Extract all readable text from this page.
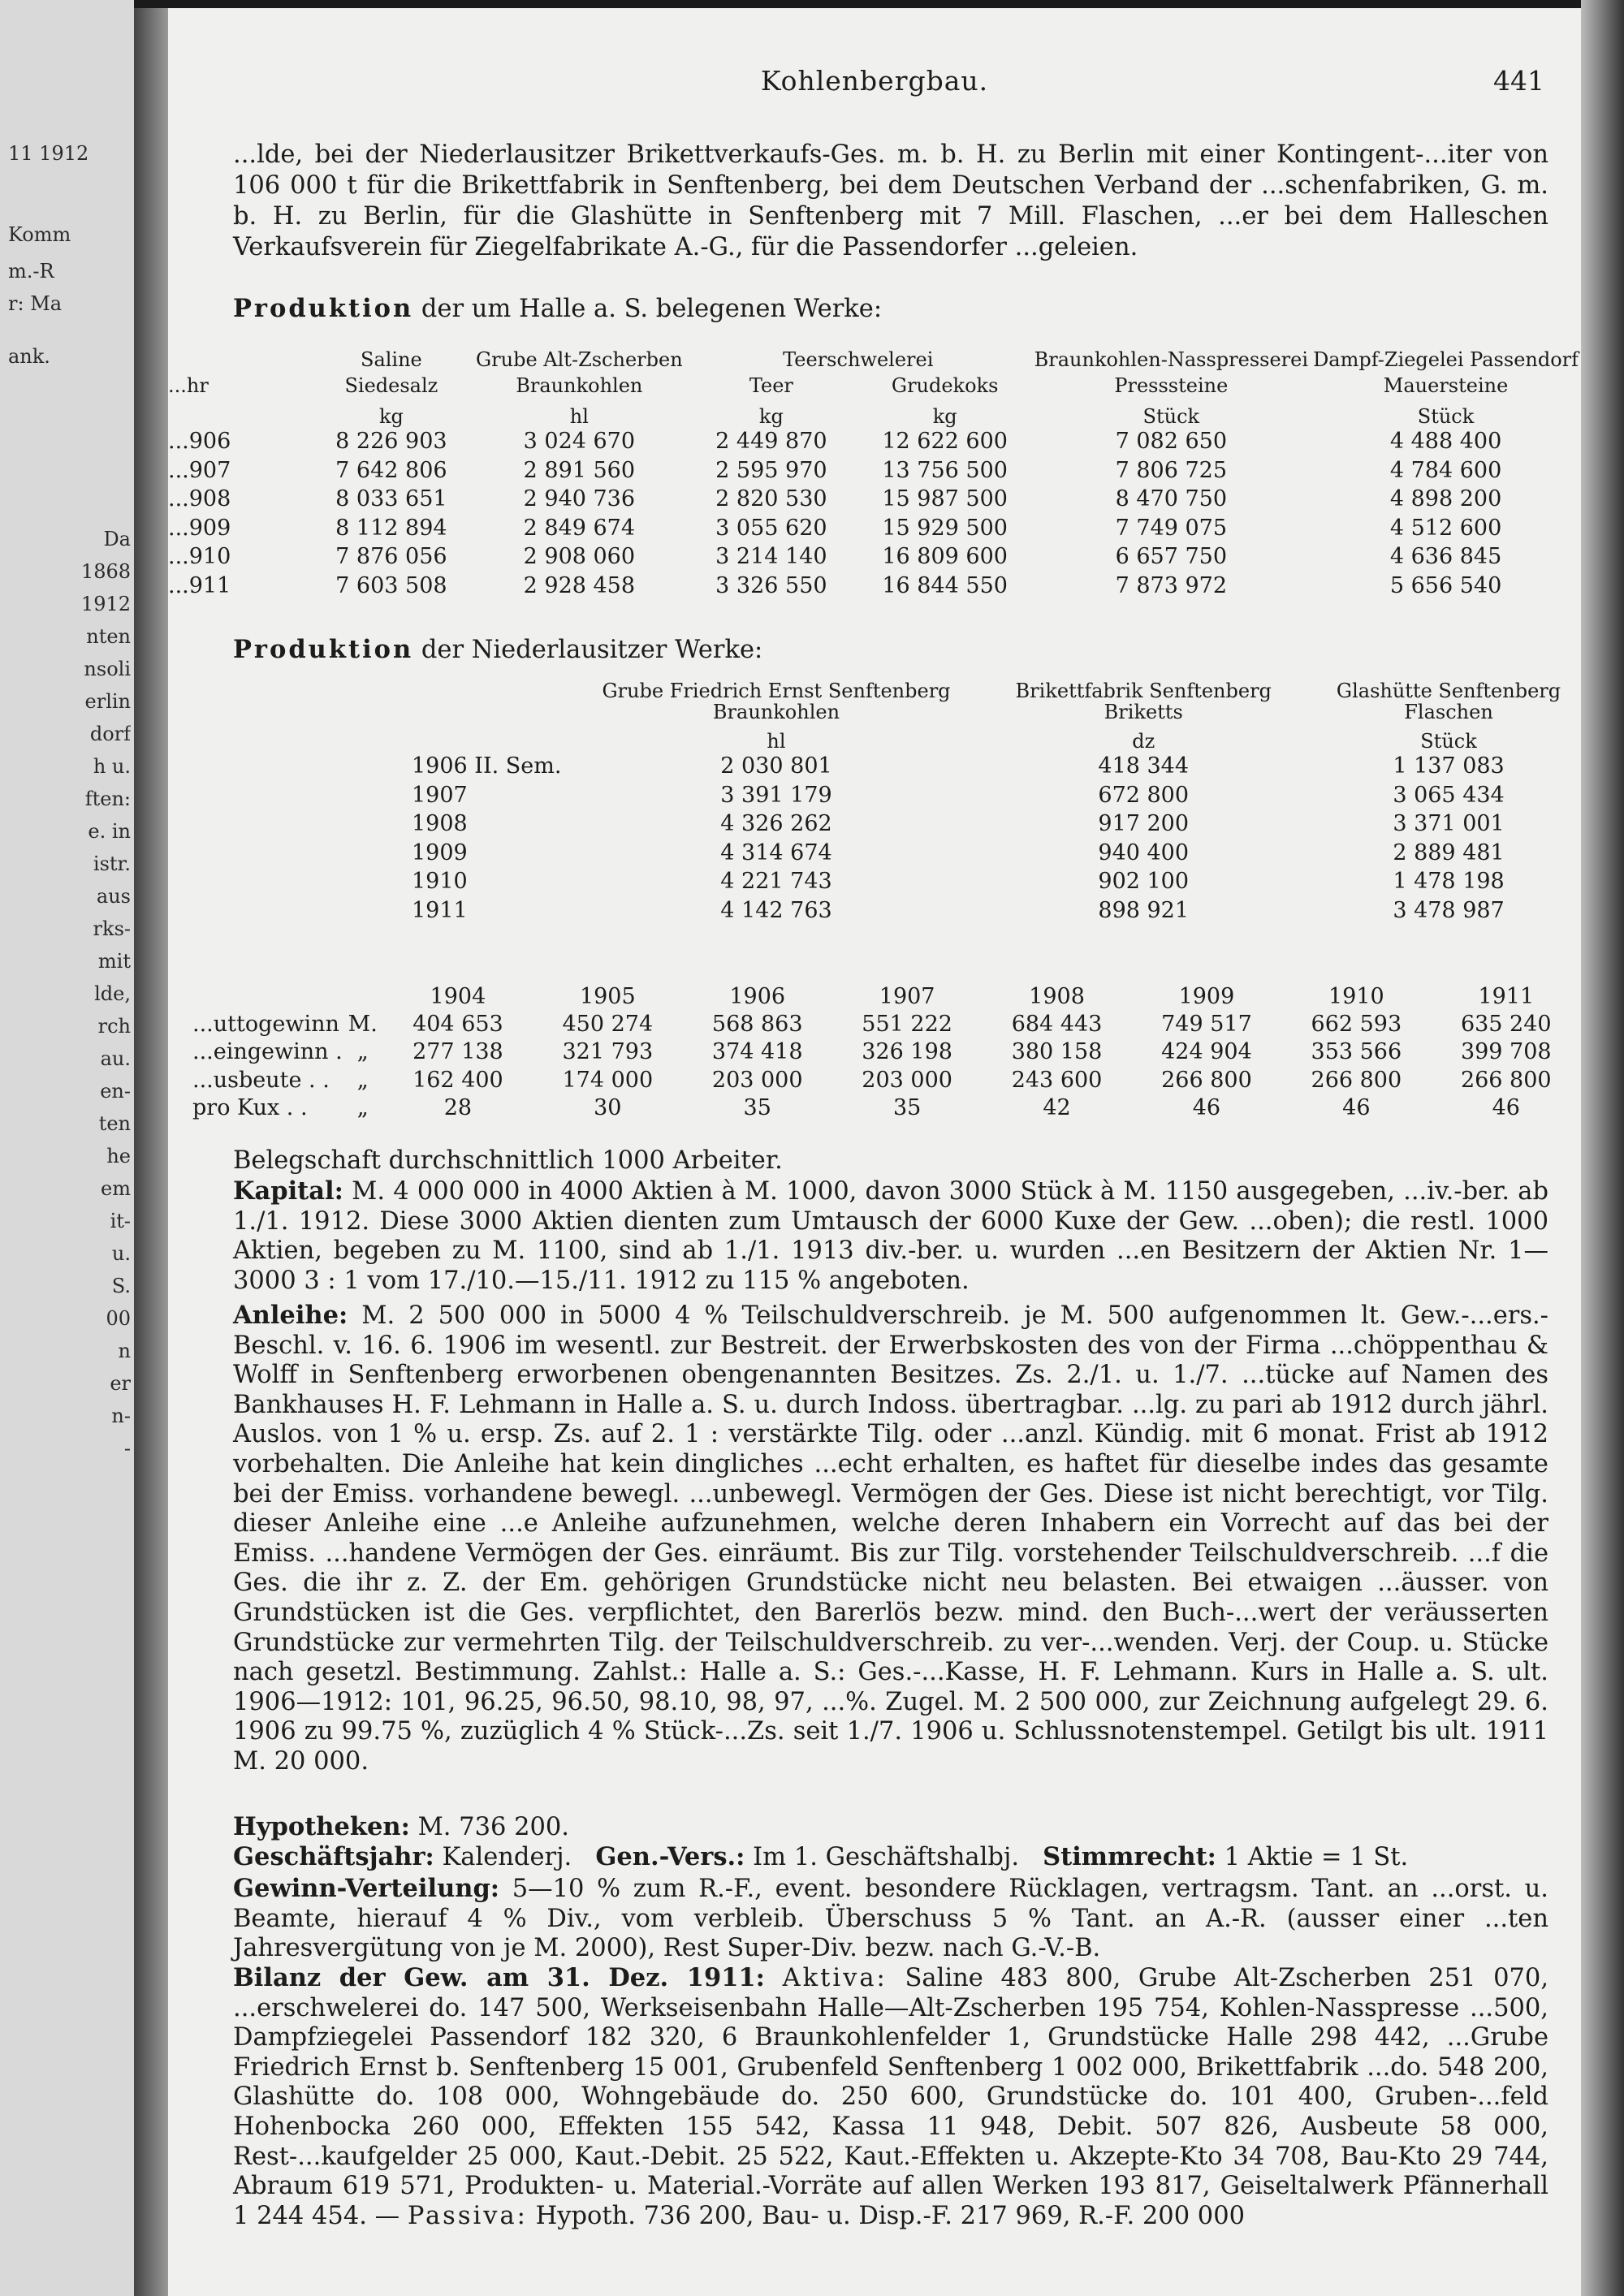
11 1912
Komm
m.-R
r: Ma
ank.
Da
1868
1912
nten
nsoli
erlin
dorf
h u.
ften:
e. in
istr.
aus
rks-
mit
lde,
rch
au.
en-
ten
he
em
it-
u.
S.
00
n
er
n-
-
Kohlenbergbau.	441
...lde, bei der Niederlausitzer Brikettverkaufs-Ges. m. b. H. zu Berlin mit einer Kontingent-...iter von 106 000 t für die Brikettfabrik in Senftenberg, bei dem Deutschen Verband der ...schenfabriken, G. m. b. H. zu Berlin, für die Glashütte in Senftenberg mit 7 Mill. Flaschen, ...er bei dem Halleschen Verkaufsverein für Ziegelfabrikate A.-G., für die Passendorfer ...geleien.
Produktion der um Halle a. S. belegenen Werke:
...hr	Saline	Grube Alt-Zscherben	Teerschwelerei		Braunkohlen-Nasspresserei	Dampf-Ziegelei Passendorf
	Siedesalz	Braunkohlen	Teer	Grudekoks	Presssteine	Mauersteine
	kg	hl	kg	kg	Stück	Stück
...906	8 226 903	3 024 670	2 449 870	12 622 600	7 082 650	4 488 400
...907	7 642 806	2 891 560	2 595 970	13 756 500	7 806 725	4 784 600
...908	8 033 651	2 940 736	2 820 530	15 987 500	8 470 750	4 898 200
...909	8 112 894	2 849 674	3 055 620	15 929 500	7 749 075	4 512 600
...910	7 876 056	2 908 060	3 214 140	16 809 600	6 657 750	4 636 845
...911	7 603 508	2 928 458	3 326 550	16 844 550	7 873 972	5 656 540
Produktion der Niederlausitzer Werke:
	Grube Friedrich Ernst Senftenberg	Brikettfabrik Senftenberg	Glashütte Senftenberg
	Braunkohlen	Briketts	Flaschen
	hl	dz	Stück
1906 II. Sem.	2 030 801	418 344	1 137 083
1907	3 391 179	672 800	3 065 434
1908	4 326 262	917 200	3 371 001
1909	4 314 674	940 400	2 889 481
1910	4 221 743	902 100	1 478 198
1911	4 142 763	898 921	3 478 987
		1904	1905	1906	1907	1908	1909	1910	1911
...uttogewinn	M.	404 653	450 274	568 863	551 222	684 443	749 517	662 593	635 240
...eingewinn .	„	277 138	321 793	374 418	326 198	380 158	424 904	353 566	399 708
...usbeute . .	„	162 400	174 000	203 000	203 000	243 600	266 800	266 800	266 800
pro Kux . .	„	28	30	35	35	42	46	46	46
Belegschaft durchschnittlich 1000 Arbeiter.
Kapital: M. 4 000 000 in 4000 Aktien à M. 1000, davon 3000 Stück à M. 1150 ausgegeben, ...iv.-ber. ab 1./1. 1912. Diese 3000 Aktien dienten zum Umtausch der 6000 Kuxe der Gew. ...oben); die restl. 1000 Aktien, begeben zu M. 1100, sind ab 1./1. 1913 div.-ber. u. wurden ...en Besitzern der Aktien Nr. 1—3000 3 : 1 vom 17./10.—15./11. 1912 zu 115 % angeboten.
Anleihe: M. 2 500 000 in 5000 4 % Teilschuldverschreib. je M. 500 aufgenommen lt. Gew.-...ers.-Beschl. v. 16. 6. 1906 im wesentl. zur Bestreit. der Erwerbskosten des von der Firma ...chöppenthau & Wolff in Senftenberg erworbenen obengenannten Besitzes. Zs. 2./1. u. 1./7. ...tücke auf Namen des Bankhauses H. F. Lehmann in Halle a. S. u. durch Indoss. übertragbar. ...lg. zu pari ab 1912 durch jährl. Auslos. von 1 % u. ersp. Zs. auf 2. 1 : verstärkte Tilg. oder ...anzl. Kündig. mit 6 monat. Frist ab 1912 vorbehalten. Die Anleihe hat kein dingliches ...echt erhalten, es haftet für dieselbe indes das gesamte bei der Emiss. vorhandene bewegl. ...unbewegl. Vermögen der Ges. Diese ist nicht berechtigt, vor Tilg. dieser Anleihe eine ...e Anleihe aufzunehmen, welche deren Inhabern ein Vorrecht auf das bei der Emiss. ...handene Vermögen der Ges. einräumt. Bis zur Tilg. vorstehender Teilschuldverschreib. ...f die Ges. die ihr z. Z. der Em. gehörigen Grundstücke nicht neu belasten. Bei etwaigen ...äusser. von Grundstücken ist die Ges. verpflichtet, den Barerlös bezw. mind. den Buch-...wert der veräusserten Grundstücke zur vermehrten Tilg. der Teilschuldverschreib. zu ver-...wenden. Verj. der Coup. u. Stücke nach gesetzl. Bestimmung. Zahlst.: Halle a. S.: Ges.-...Kasse, H. F. Lehmann. Kurs in Halle a. S. ult. 1906—1912: 101, 96.25, 96.50, 98.10, 98, 97, ...%. Zugel. M. 2 500 000, zur Zeichnung aufgelegt 29. 6. 1906 zu 99.75 %, zuzüglich 4 % Stück-...Zs. seit 1./7. 1906 u. Schlussnotenstempel. Getilgt bis ult. 1911 M. 20 000.
Hypotheken: M. 736 200.
Geschäftsjahr: Kalenderj. Gen.-Vers.: Im 1. Geschäftshalbj. Stimmrecht: 1 Aktie = 1 St.
Gewinn-Verteilung: 5—10 % zum R.-F., event. besondere Rücklagen, vertragsm. Tant. an ...orst. u. Beamte, hierauf 4 % Div., vom verbleib. Überschuss 5 % Tant. an A.-R. (ausser einer ...ten Jahresvergütung von je M. 2000), Rest Super-Div. bezw. nach G.-V.-B.
Bilanz der Gew. am 31. Dez. 1911: Aktiva: Saline 483 800, Grube Alt-Zscherben 251 070, ...erschwelerei do. 147 500, Werkseisenbahn Halle—Alt-Zscherben 195 754, Kohlen-Nasspresse ...500, Dampfziegelei Passendorf 182 320, 6 Braunkohlenfelder 1, Grundstücke Halle 298 442, ...Grube Friedrich Ernst b. Senftenberg 15 001, Grubenfeld Senftenberg 1 002 000, Brikettfabrik ...do. 548 200, Glashütte do. 108 000, Wohngebäude do. 250 600, Grundstücke do. 101 400, Gruben-...feld Hohenbocka 260 000, Effekten 155 542, Kassa 11 948, Debit. 507 826, Ausbeute 58 000, Rest-...kaufgelder 25 000, Kaut.-Debit. 25 522, Kaut.-Effekten u. Akzepte-Kto 34 708, Bau-Kto 29 744, Abraum 619 571, Produkten- u. Material.-Vorräte auf allen Werken 193 817, Geiseltalwerk Pfännerhall 1 244 454. — Passiva: Hypoth. 736 200, Bau- u. Disp.-F. 217 969, R.-F. 200 000
